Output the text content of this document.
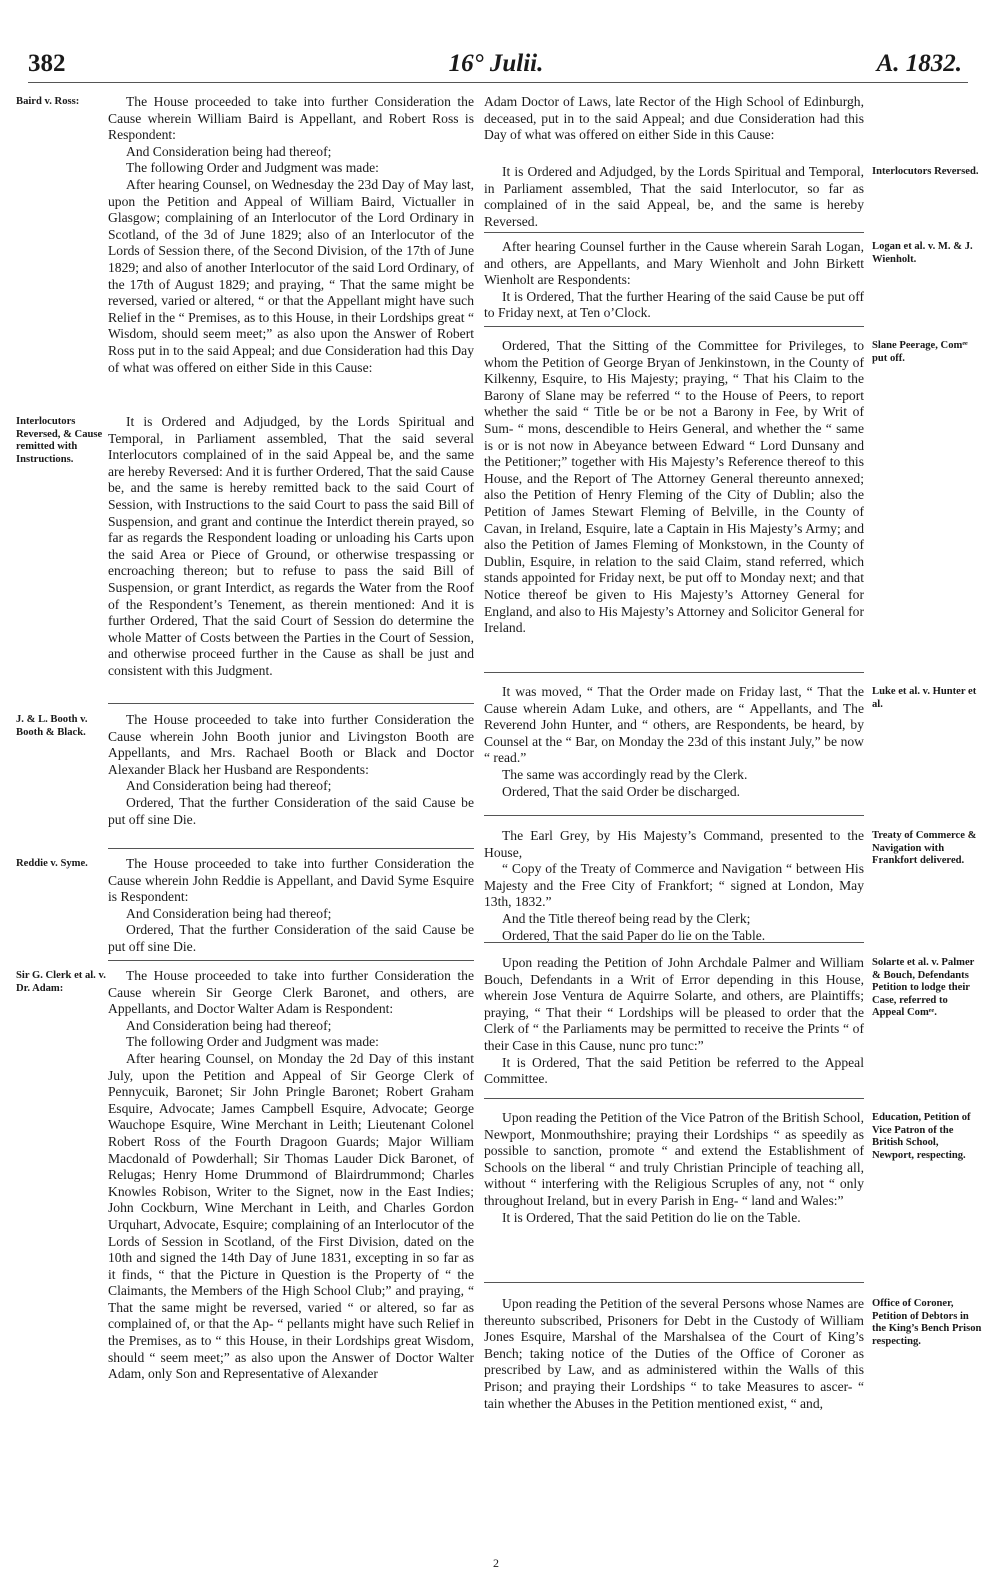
382	16° Julii.	A. 1832.
Baird v. Ross:	The House proceeded to take into further Consideration the Cause wherein William Baird is Appellant, and Robert Ross is Respondent:

And Consideration being had thereof;

The following Order and Judgment was made:

After hearing Counsel, on Wednesday the 23d Day of May last, upon the Petition and Appeal of William Baird, Victualler in Glasgow; complaining of an Interlocutor of the Lord Ordinary in Scotland, of the 3d of June 1829; also of an Interlocutor of the Lords of Session there, of the Second Division, of the 17th of June 1829; and also of another Interlocutor of the said Lord Ordinary, of the 17th of August 1829; and praying, “ That the same might be reversed, varied or altered, “ or that the Appellant might have such Relief in the “ Premises, as to this House, in their Lordships great “ Wisdom, should seem meet;” as also upon the Answer of Robert Ross put in to the said Appeal; and due Consideration had this Day of what was offered on either Side in this Cause:

Interlocutors Reversed, & Cause remitted with Instructions.

It is Ordered and Adjudged, by the Lords Spiritual and Temporal, in Parliament assembled, That the said several Interlocutors complained of in the said Appeal be, and the same are hereby Reversed: And it is further Ordered, That the said Cause be, and the same is hereby remitted back to the said Court of Session, with Instructions to the said Court to pass the said Bill of Suspension, and grant and continue the Interdict therein prayed, so far as regards the Respondent loading or unloading his Carts upon the said Area or Piece of Ground, or otherwise trespassing or encroaching thereon; but to refuse to pass the said Bill of Suspension, or grant Interdict, as regards the Water from the Roof of the Respondent’s Tenement, as therein mentioned: And it is further Ordered, That the said Court of Session do determine the whole Matter of Costs between the Parties in the Court of Session, and otherwise proceed further in the Cause as shall be just and consistent with this Judgment.

J. & L. Booth v. Booth & Black.

The House proceeded to take into further Consideration the Cause wherein John Booth junior and Livingston Booth are Appellants, and Mrs. Rachael Booth or Black and Doctor Alexander Black her Husband are Respondents:

And Consideration being had thereof;

Ordered, That the further Consideration of the said Cause be put off sine Die.

Reddie v. Syme.	The House proceeded to take into further Consideration the Cause wherein John Reddie is Appellant, and David Syme Esquire is Respondent:

And Consideration being had thereof;

Ordered, That the further Consideration of the said Cause be put off sine Die.

Sir G. Clerk et al. v. Dr. Adam:

The House proceeded to take into further Consideration the Cause wherein Sir George Clerk Baronet, and others, are Appellants, and Doctor Walter Adam is Respondent:

And Consideration being had thereof;

The following Order and Judgment was made:

After hearing Counsel, on Monday the 2d Day of this instant July, upon the Petition and Appeal of Sir George Clerk of Pennycuik, Baronet; Sir John Pringle Baronet; Robert Graham Esquire, Advocate; James Campbell Esquire, Advocate; George Wauchope Esquire, Wine Merchant in Leith; Lieutenant Colonel Robert Ross of the Fourth Dragoon Guards; Major William Macdonald of Powderhall; Sir Thomas Lauder Dick Baronet, of Relugas; Henry Home Drummond of Blairdrummond; Charles Knowles Robison, Writer to the Signet, now in the East Indies; John Cockburn, Wine Merchant in Leith, and Charles Gordon Urquhart, Advocate, Esquire; complaining of an Interlocutor of the Lords of Session in Scotland, of the First Division, dated on the 10th and signed the 14th Day of June 1831, excepting in so far as it finds, “ that the Picture in Question is the Property of “ the Claimants, the Members of the High School Club;” and praying, “ That the same might be reversed, varied “ or altered, so far as complained of, or that the Ap- “ pellants might have such Relief in the Premises, as to “ this House, in their Lordships great Wisdom, should “ seem meet;” as also upon the Answer of Doctor Walter Adam, only Son and Representative of Alexander

Adam Doctor of Laws, late Rector of the High School of Edinburgh, deceased, put in to the said Appeal; and due Consideration had this Day of what was offered on either Side in this Cause:

Interlocutors Reversed.

It is Ordered and Adjudged, by the Lords Spiritual and Temporal, in Parliament assembled, That the said Interlocutor, so far as complained of in the said Appeal, be, and the same is hereby Reversed.

Logan et al. v. M. & J. Wienholt.

After hearing Counsel further in the Cause wherein Sarah Logan, and others, are Appellants, and Mary Wienholt and John Birkett Wienholt are Respondents:

It is Ordered, That the further Hearing of the said Cause be put off to Friday next, at Ten o’Clock.

Slane Peerage, Comᵉᵉ put off.

Ordered, That the Sitting of the Committee for Privileges, to whom the Petition of George Bryan of Jenkinstown, in the County of Kilkenny, Esquire, to His Majesty; praying, “ That his Claim to the Barony of Slane may be referred “ to the House of Peers, to report whether the said “ Title be or be not a Barony in Fee, by Writ of Sum- “ mons, descendible to Heirs General, and whether the “ same is or is not now in Abeyance between Edward “ Lord Dunsany and the Petitioner;” together with His Majesty’s Reference thereof to this House, and the Report of The Attorney General thereunto annexed; also the Petition of Henry Fleming of the City of Dublin; also the Petition of James Stewart Fleming of Belville, in the County of Cavan, in Ireland, Esquire, late a Captain in His Majesty’s Army; and also the Petition of James Fleming of Monkstown, in the County of Dublin, Esquire, in relation to the said Claim, stand referred, which stands appointed for Friday next, be put off to Monday next; and that Notice thereof be given to His Majesty’s Attorney General for England, and also to His Majesty’s Attorney and Solicitor General for Ireland.

Luke et al. v. Hunter et al.

It was moved, “ That the Order made on Friday last, “ That the Cause wherein Adam Luke, and others, are “ Appellants, and The Reverend John Hunter, and “ others, are Respondents, be heard, by Counsel at the “ Bar, on Monday the 23d of this instant July,” be now “ read.”

The same was accordingly read by the Clerk.

Ordered, That the said Order be discharged.

Treaty of Commerce & Navigation with Frankfort delivered.

The Earl Grey, by His Majesty’s Command, presented to the House,

“ Copy of the Treaty of Commerce and Navigation “ between His Majesty and the Free City of Frankfort; “ signed at London, May 13th, 1832.”

And the Title thereof being read by the Clerk;

Ordered, That the said Paper do lie on the Table.

Solarte et al. v. Palmer & Bouch, Defendants Petition to lodge their Case, referred to Appeal Comᵉᵉ.

Upon reading the Petition of John Archdale Palmer and William Bouch, Defendants in a Writ of Error depending in this House, wherein Jose Ventura de Aquirre Solarte, and others, are Plaintiffs; praying, “ That their “ Lordships will be pleased to order that the Clerk of “ the Parliaments may be permitted to receive the Prints “ of their Case in this Cause, nunc pro tunc:”

It is Ordered, That the said Petition be referred to the Appeal Committee.

Education, Petition of Vice Patron of the British School, Newport, respecting.

Upon reading the Petition of the Vice Patron of the British School, Newport, Monmouthshire; praying their Lordships “ as speedily as possible to sanction, promote “ and extend the Establishment of Schools on the liberal “ and truly Christian Principle of teaching all, without “ interfering with the Religious Scruples of any, not “ only throughout Ireland, but in every Parish in Eng- “ land and Wales:”

It is Ordered, That the said Petition do lie on the Table.

Office of Coroner, Petition of Debtors in the King’s Bench Prison respecting.

Upon reading the Petition of the several Persons whose Names are thereunto subscribed, Prisoners for Debt in the Custody of William Jones Esquire, Marshal of the Marshalsea of the Court of King’s Bench; taking notice of the Duties of the Office of Coroner as prescribed by Law, and as administered within the Walls of this Prison; and praying their Lordships “ to take Measures to ascer- “ tain whether the Abuses in the Petition mentioned exist, “ and,

2
